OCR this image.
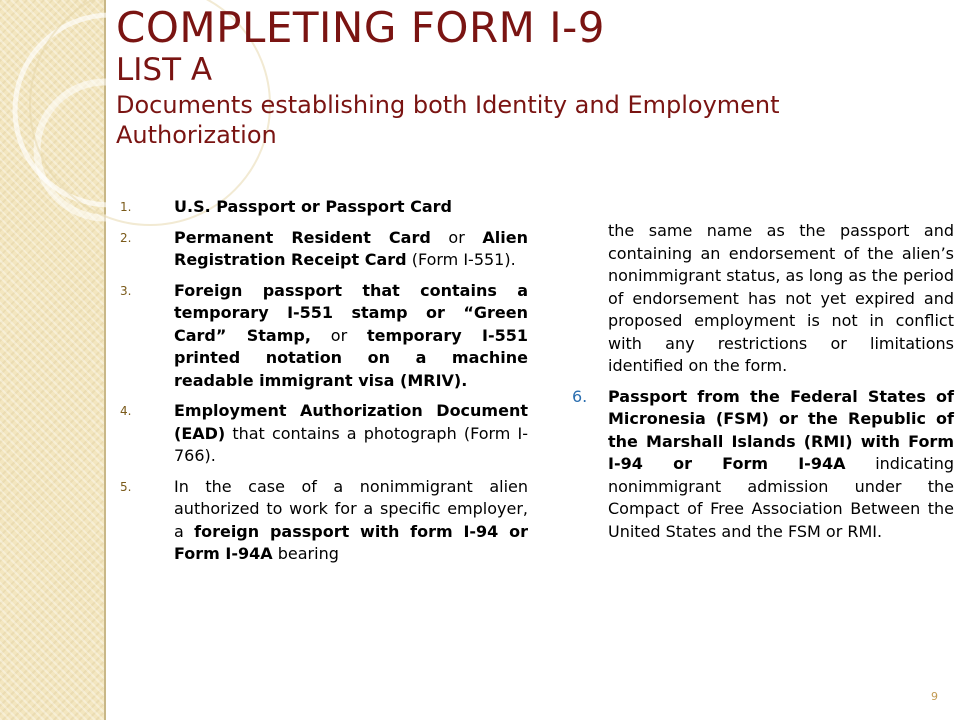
COMPLETING FORM I-9
LIST A
Documents establishing both Identity and Employment Authorization
1.	U.S. Passport or Passport Card
2.	Permanent Resident Card or Alien Registration Receipt Card (Form I-551).
3.	Foreign passport that contains a temporary I-551 stamp or “Green Card” Stamp, or temporary I-551 printed notation on a machine readable immigrant visa (MRIV).
4.	Employment Authorization Document (EAD) that contains a photograph (Form I-766).
5.	In the case of a nonimmigrant alien authorized to work for a specific employer, a foreign passport with form I-94 or Form I-94A bearing
the same name as the passport and containing an endorsement of the alien’s nonimmigrant status, as long as the period of endorsement has not yet expired and proposed employment is not in conflict with any restrictions or limitations identified on the form.
6. Passport from the Federal States of Micronesia (FSM) or the Republic of the Marshall Islands (RMI) with Form I-94 or Form I-94A indicating nonimmigrant admission under the Compact of Free Association Between the United States and the FSM or RMI.
9
